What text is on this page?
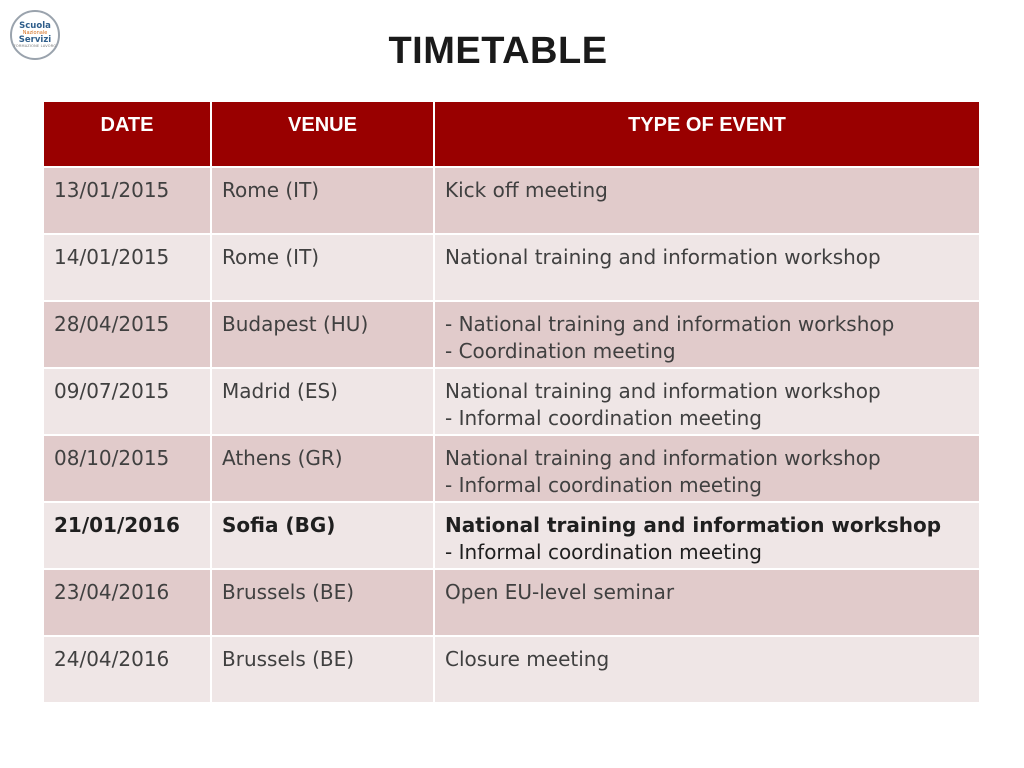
Scuola
Nazionale
Servizi
FORMAZIONE LAVORO	TIMETABLE
DATE	VENUE	TYPE OF EVENT
13/01/2015	Rome (IT)	Kick off meeting

14/01/2015	Rome (IT)	National training and information workshop

28/04/2015	Budapest (HU)	- National training and information workshop
- Coordination meeting

09/07/2015	Madrid (ES)	National training and information workshop
- Informal coordination meeting

08/10/2015	Athens (GR)	National training and information workshop
- Informal coordination meeting

21/01/2016	Sofia (BG)	National training and information workshop
- Informal coordination meeting

23/04/2016	Brussels (BE)	Open EU-level seminar

24/04/2016	Brussels (BE)	Closure meeting
